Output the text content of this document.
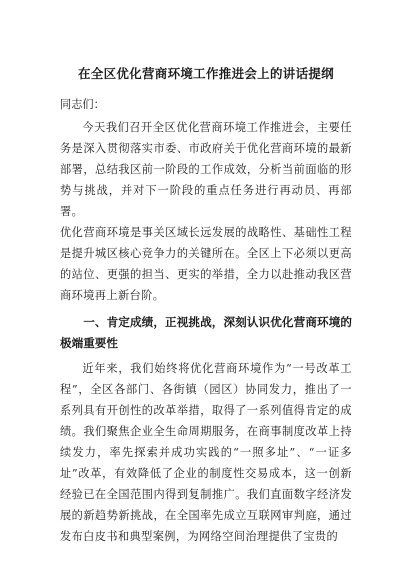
在全区优化营商环境工作推进会上的讲话提纲
同志们：

今天我们召开全区优化营商环境工作推进会，主要任务是深入贯彻落实市委、市政府关于优化营商环境的最新部署，总结我区前一阶段的工作成效，分析当前面临的形势与挑战，并对下一阶段的重点任务进行再动员、再部署。

优化营商环境是事关区域长远发展的战略性、基础性工程是提升城区核心竞争力的关键所在。全区上下必须以更高的站位、更强的担当、更实的举措，全力以赴推动我区营商环境再上新台阶。

一、肯定成绩，正视挑战，深刻认识优化营商环境的极端重要性

近年来，我们始终将优化营商环境作为“一号改革工程”，全区各部门、各街镇（园区）协同发力，推出了一系列具有开创性的改革举措，取得了一系列值得肯定的成绩。我们聚焦企业全生命周期服务，在商事制度改革上持续发力，率先探索并成功实践的“一照多址”、“一证多址”改革，有效降低了企业的制度性交易成本，这一创新经验已在全国范围内得到复制推广。我们直面数字经济发展的新趋势新挑战，在全国率先成立互联网审判庭，通过发布白皮书和典型案例，为网络空间治理提供了宝贵的
